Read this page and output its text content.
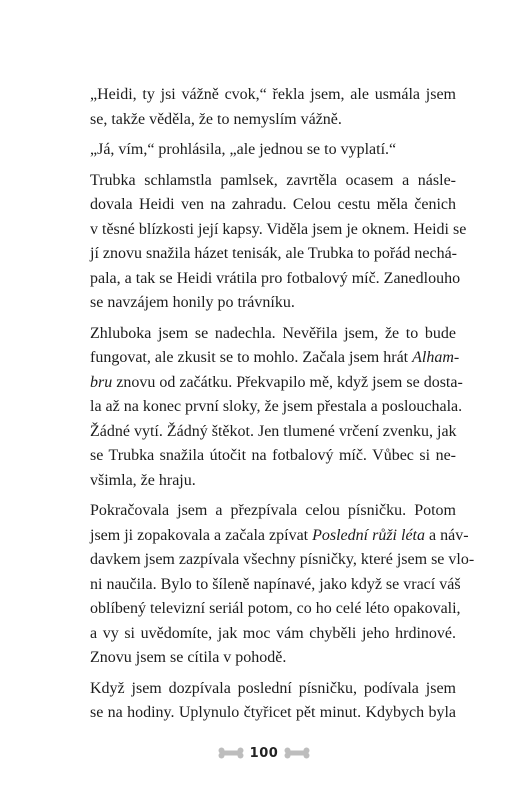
„Heidi, ty jsi vážně cvok,“ řekla jsem, ale usmála jsem
se, takže věděla, že to nemyslím vážně.

„Já, vím,“ prohlásila, „ale jednou se to vyplatí.“

Trubka schlamstla pamlsek, zavrtěla ocasem a násle-
dovala Heidi ven na zahradu. Celou cestu měla čenich
v těsné blízkosti její kapsy. Viděla jsem je oknem. Heidi se
jí znovu snažila házet tenisák, ale Trubka to pořád nechá-
pala, a tak se Heidi vrátila pro fotbalový míč. Zanedlouho
se navzájem honily po trávníku.

Zhluboka jsem se nadechla. Nevěřila jsem, že to bude
fungovat, ale zkusit se to mohlo. Začala jsem hrát Alham-
bru znovu od začátku. Překvapilo mě, když jsem se dosta-
la až na konec první sloky, že jsem přestala a poslouchala.
Žádné vytí. Žádný štěkot. Jen tlumené vrčení zvenku, jak
se Trubka snažila útočit na fotbalový míč. Vůbec si ne-
všimla, že hraju.

Pokračovala jsem a přezpívala celou písničku. Potom
jsem ji zopakovala a začala zpívat Poslední růži léta a náv-
davkem jsem zazpívala všechny písničky, které jsem se vlo-
ni naučila. Bylo to šíleně napínavé, jako když se vrací váš
oblíbený televizní seriál potom, co ho celé léto opakovali,
a vy si uvědomíte, jak moc vám chyběli jeho hrdinové.
Znovu jsem se cítila v pohodě.

Když jsem dozpívala poslední písničku, podívala jsem
se na hodiny. Uplynulo čtyřicet pět minut. Kdybych byla

100
